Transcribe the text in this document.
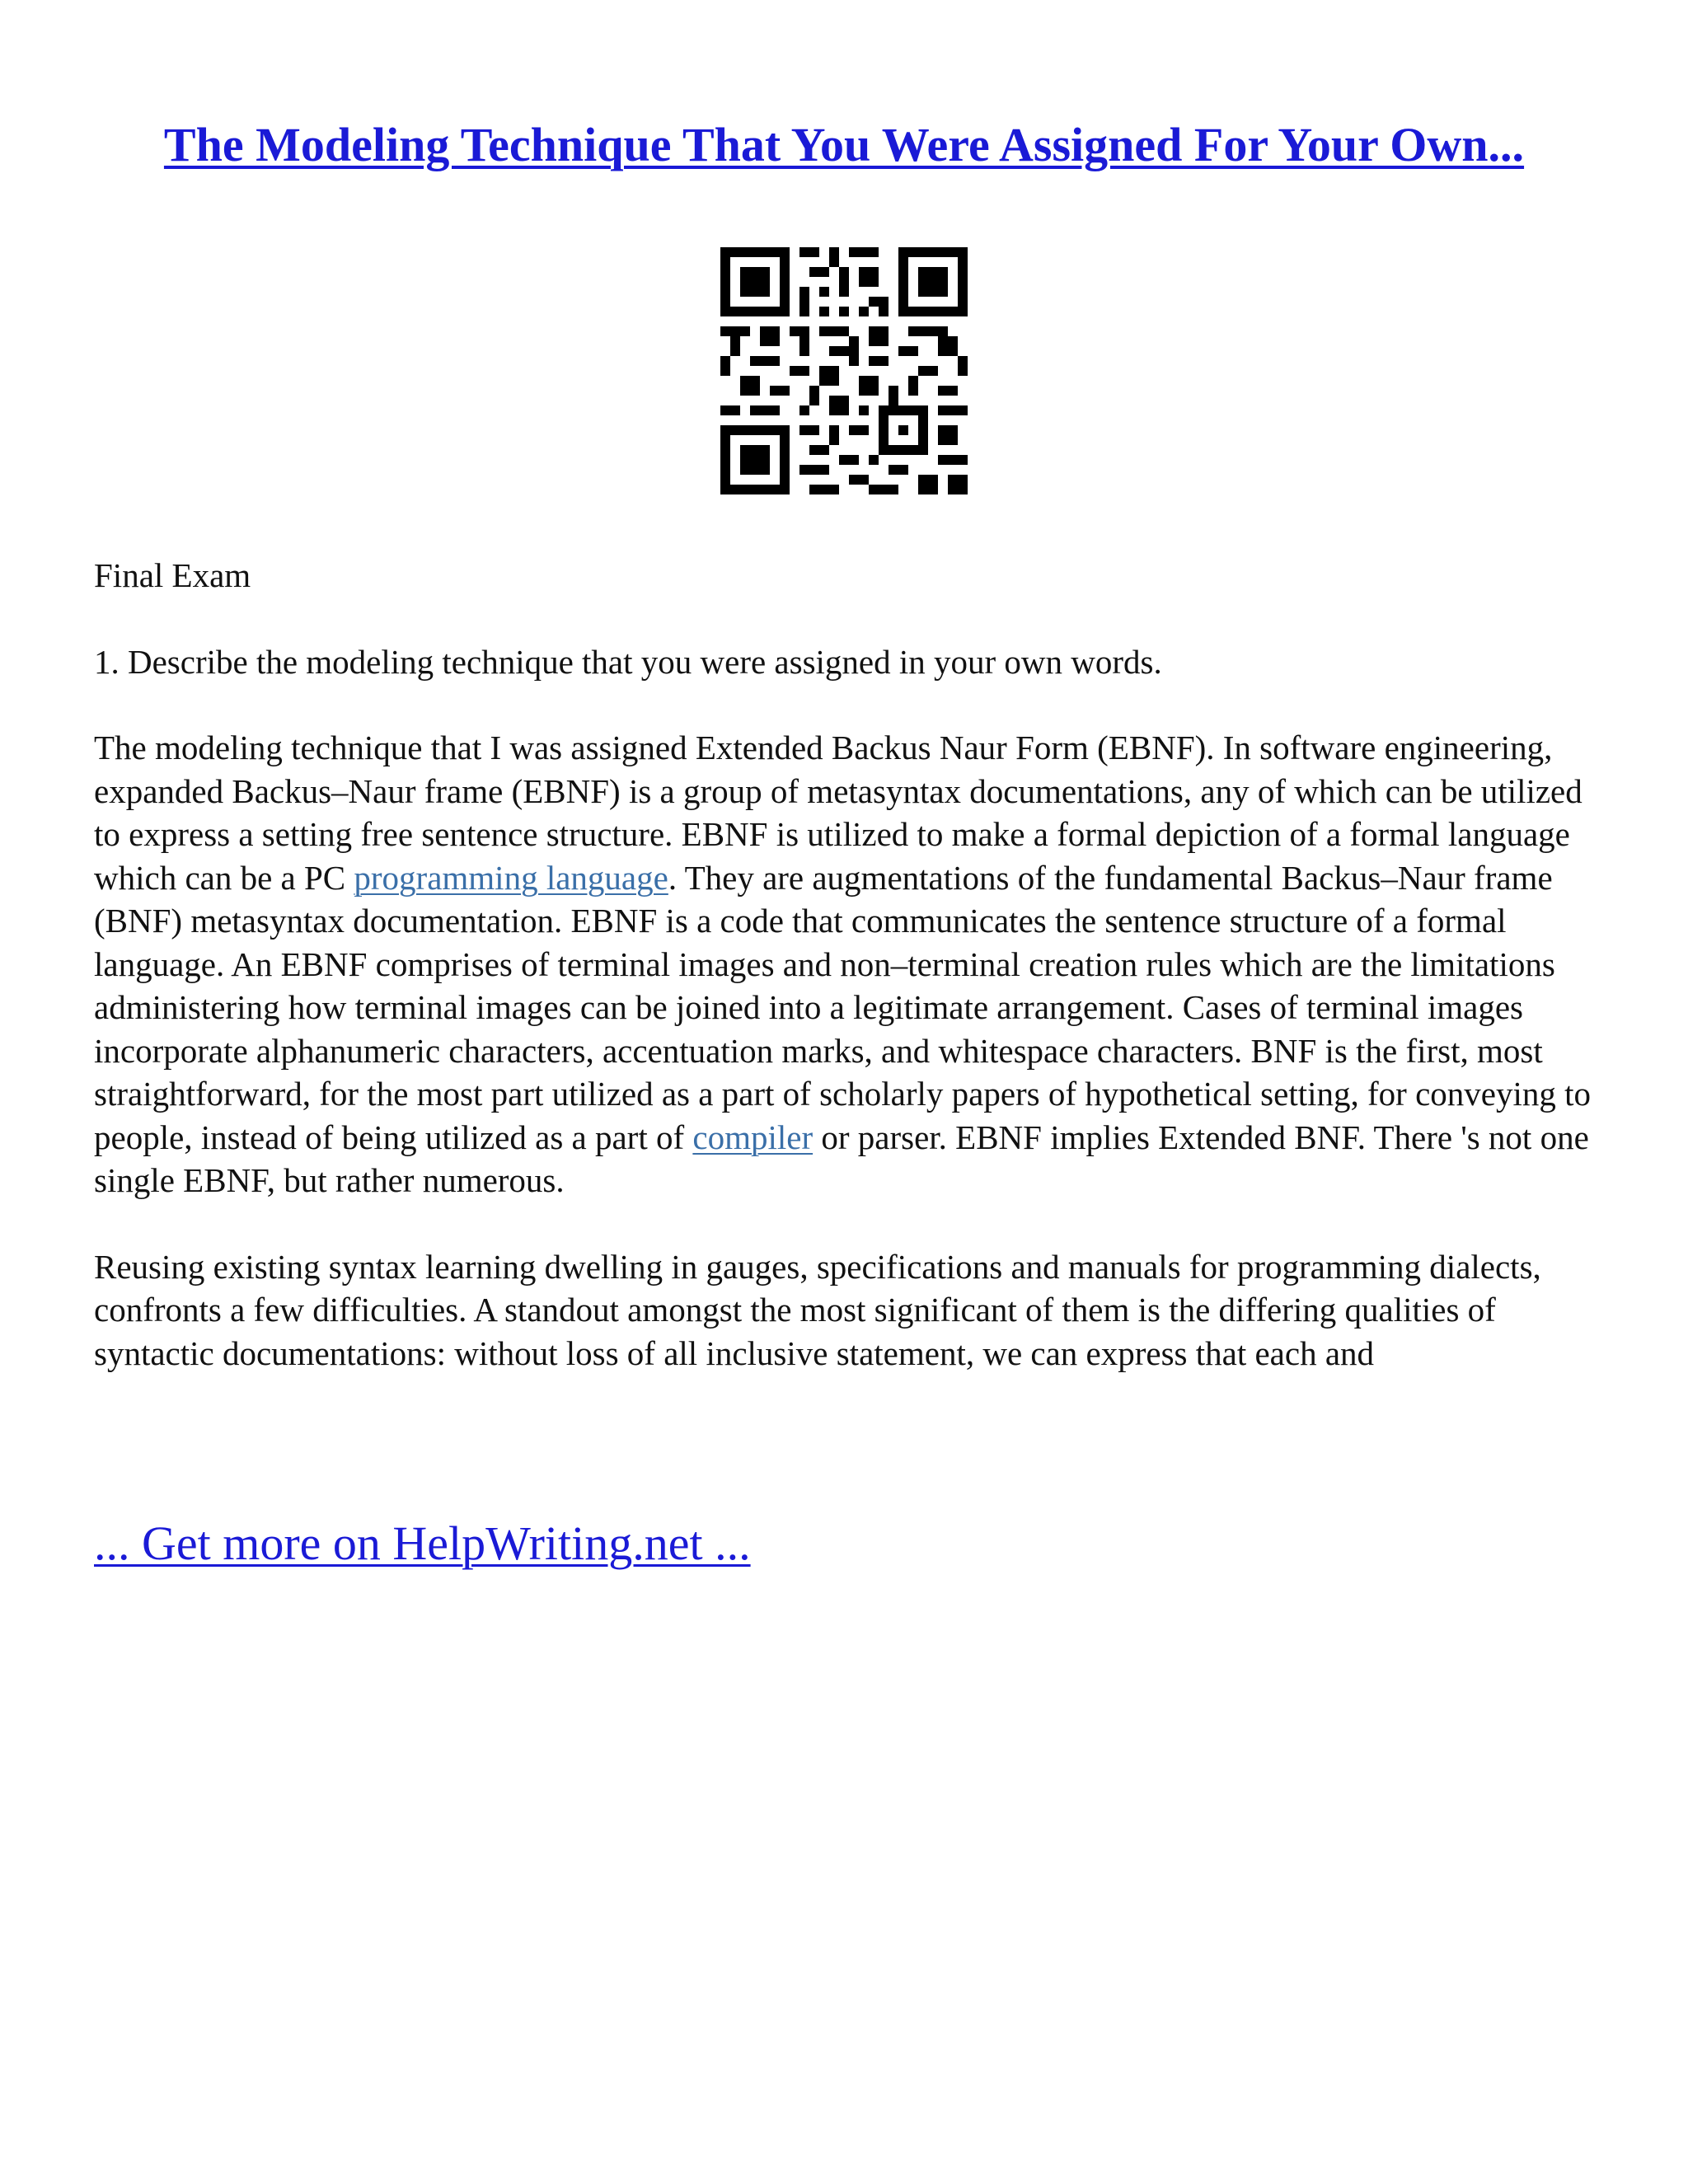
The Modeling Technique That You Were Assigned For Your Own...

Final Exam

1. Describe the modeling technique that you were assigned in your own words.

The modeling technique that I was assigned Extended Backus Naur Form (EBNF). In software engineering, expanded Backus–Naur frame (EBNF) is a group of metasyntax documentations, any of which can be utilized to express a setting free sentence structure. EBNF is utilized to make a formal depiction of a formal language which can be a PC programming language. They are augmentations of the fundamental Backus–Naur frame (BNF) metasyntax documentation. EBNF is a code that communicates the sentence structure of a formal language. An EBNF comprises of terminal images and non–terminal creation rules which are the limitations administering how terminal images can be joined into a legitimate arrangement. Cases of terminal images incorporate alphanumeric characters, accentuation marks, and whitespace characters. BNF is the first, most straightforward, for the most part utilized as a part of scholarly papers of hypothetical setting, for conveying to people, instead of being utilized as a part of compiler or parser. EBNF implies Extended BNF. There 's not one single EBNF, but rather numerous.

Reusing existing syntax learning dwelling in gauges, specifications and manuals for programming dialects, confronts a few difficulties. A standout amongst the most significant of them is the differing qualities of syntactic documentations: without loss of all inclusive statement, we can express that each and

... Get more on HelpWriting.net ...
